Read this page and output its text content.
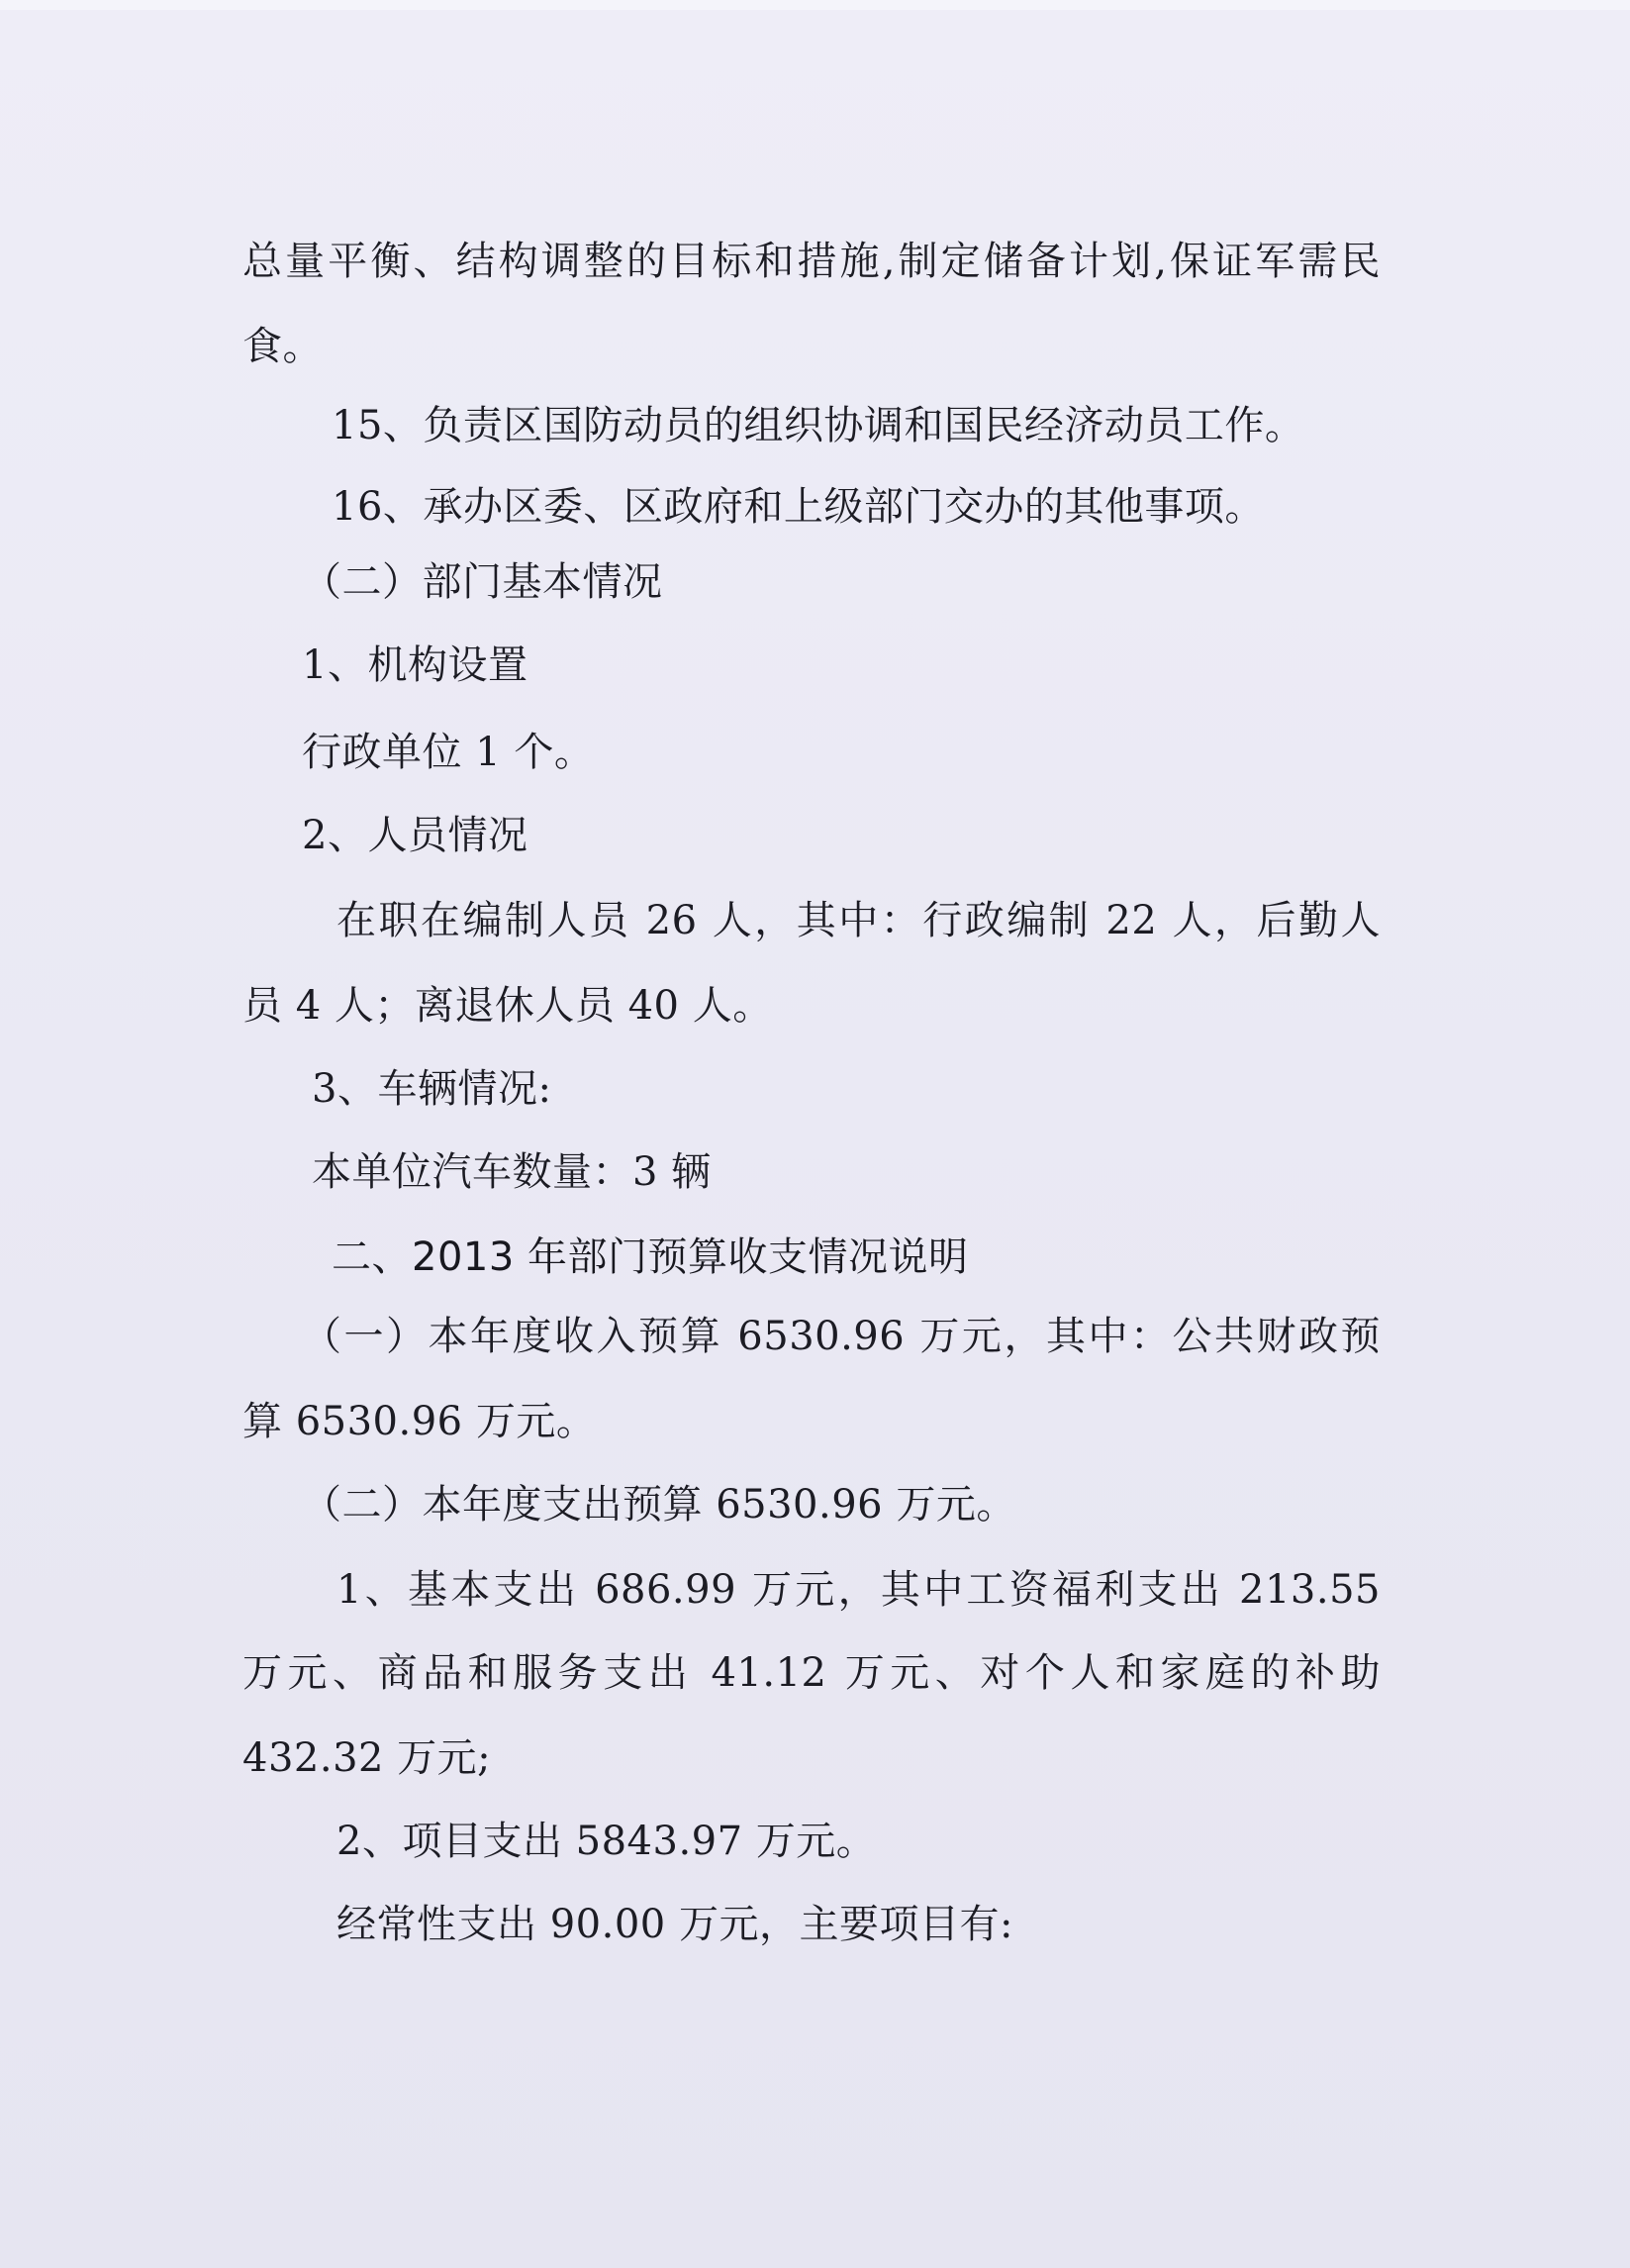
总量平衡、结构调整的目标和措施,制定储备计划,保证军需民
食。
15、负责区国防动员的组织协调和国民经济动员工作。
16、承办区委、区政府和上级部门交办的其他事项。
（二）部门基本情况
1、机构设置
行政单位 1 个。
2、人员情况
在职在编制人员 26 人，其中：行政编制 22 人，后勤人
员 4 人；离退休人员 40 人。
3、车辆情况:
本单位汽车数量：3 辆
二、2013 年部门预算收支情况说明
（一）本年度收入预算 6530.96 万元，其中：公共财政预
算 6530.96 万元。
（二）本年度支出预算 6530.96 万元。
1、基本支出 686.99 万元，其中工资福利支出 213.55
万元、商品和服务支出 41.12 万元、对个人和家庭的补助
432.32 万元;
2、项目支出 5843.97 万元。
经常性支出 90.00 万元，主要项目有:
